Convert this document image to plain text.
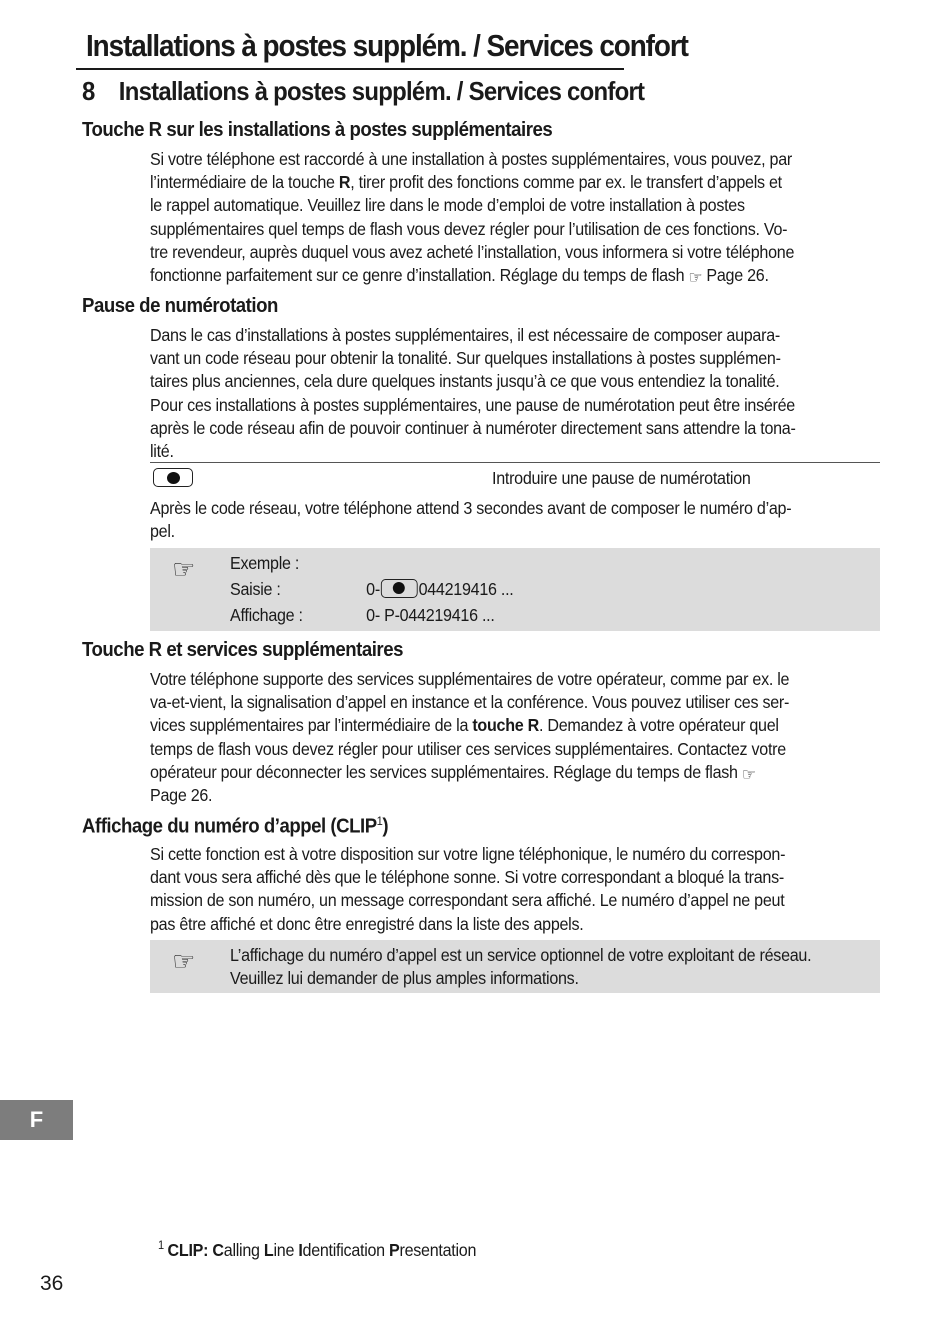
Installations à postes supplém. / Services confort
8 Installations à postes supplém. / Services confort
Touche R sur les installations à postes supplémentaires
Si votre téléphone est raccordé à une installation à postes supplémentaires, vous pouvez, par
l’intermédiaire de la touche R, tirer profit des fonctions comme par ex. le transfert d’appels et
le rappel automatique. Veuillez lire dans le mode d’emploi de votre installation à postes
supplémentaires quel temps de flash vous devez régler pour l’utilisation de ces fonctions. Vo-
tre revendeur, auprès duquel vous avez acheté l’installation, vous informera si votre téléphone
fonctionne parfaitement sur ce genre d’installation. Réglage du temps de flash ☞ Page 26.
Pause de numérotation
Dans le cas d’installations à postes supplémentaires, il est nécessaire de composer aupara-
vant un code réseau pour obtenir la tonalité. Sur quelques installations à postes supplémen-
taires plus anciennes, cela dure quelques instants jusqu’à ce que vous entendiez la tonalité.
Pour ces installations à postes supplémentaires, une pause de numérotation peut être insérée
après le code réseau afin de pouvoir continuer à numéroter directement sans attendre la tona-
lité.
Introduire une pause de numérotation
Après le code réseau, votre téléphone attend 3 secondes avant de composer le numéro d’ap-
pel.
☞ Exemple :
Saisie :	0- 044219416 ...
Affichage :	0- P-044219416 ...
Touche R et services supplémentaires
Votre téléphone supporte des services supplémentaires de votre opérateur, comme par ex. le
va-et-vient, la signalisation d’appel en instance et la conférence. Vous pouvez utiliser ces ser-
vices supplémentaires par l’intermédiaire de la touche R. Demandez à votre opérateur quel
temps de flash vous devez régler pour utiliser ces services supplémentaires. Contactez votre
opérateur pour déconnecter les services supplémentaires. Réglage du temps de flash ☞
Page 26.
Affichage du numéro d’appel (CLIP$^1$)
Si cette fonction est à votre disposition sur votre ligne téléphonique, le numéro du correspon-
dant vous sera affiché dès que le téléphone sonne. Si votre correspondant a bloqué la trans-
mission de son numéro, un message correspondant sera affiché. Le numéro d’appel ne peut
pas être affiché et donc être enregistré dans la liste des appels.
☞ L’affichage du numéro d’appel est un service optionnel de votre exploitant de réseau.
Veuillez lui demander de plus amples informations.
F
$^1$ CLIP: Calling Line Identification Presentation
36
